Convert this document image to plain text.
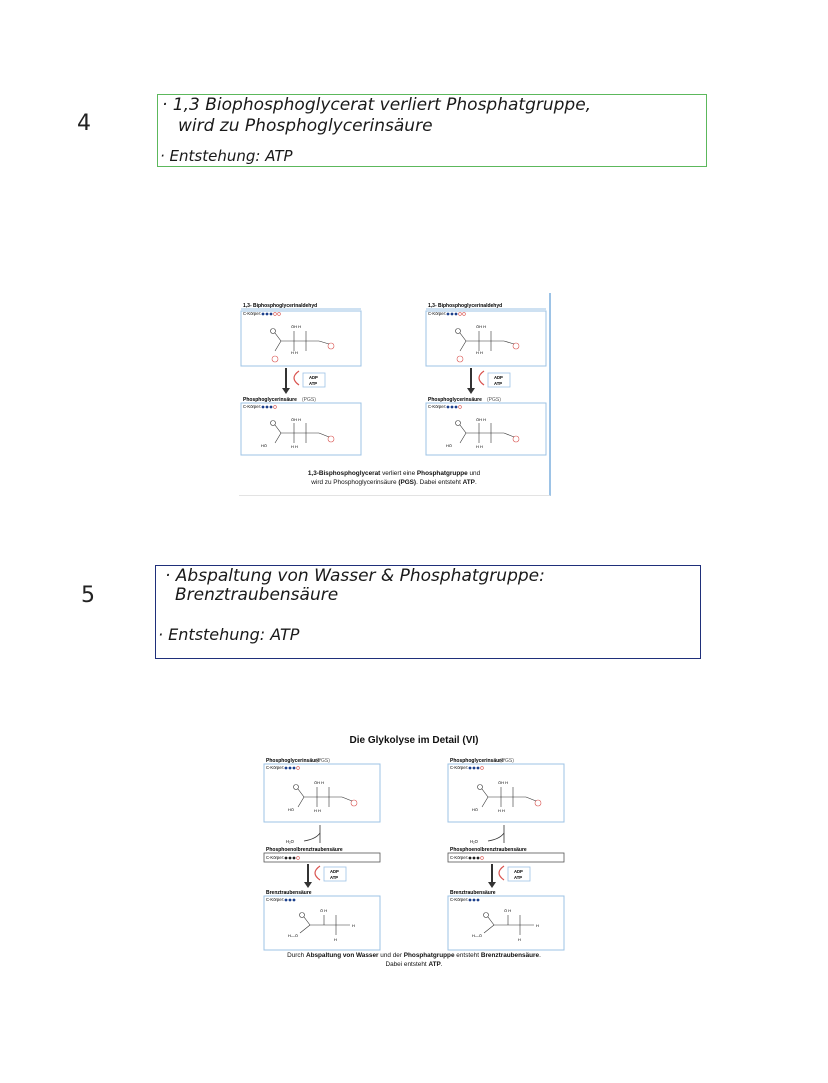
4
· 1,3 Biophosphoglycerat verliert Phosphatgruppe,
wird zu Phosphoglycerinsäure
· Entstehung: ATP
1,3- Biphosphoglycerinaldehyd
C-Körper:
ÖH H
H H
ADP
ATP
Phosphoglycerinsäure (PGS)
C-Körper:
ÖH H
HÖ	H H
1,3- Biphosphoglycerinaldehyd
C-Körper:
ÖH H
H H
ADP
ATP
Phosphoglycerinsäure (PGS)
C-Körper:
ÖH H
HÖ	H H
1,3-Bisphosphoglycerat verliert eine Phosphatgruppe und
wird zu Phosphoglycerinsäure (PGS). Dabei entsteht ATP.
5
· Abspaltung von Wasser & Phosphatgruppe:
Brenztraubensäure
· Entstehung: ATP
Die Glykolyse im Detail (VI)
Phosphoglycerinsäure
(PGS)
C-Körper:
ÖH H
HÖ	H H
H₂O
Phosphoenolbrenztraubensäure
C-Körper:
ADP
ATP
Brenztraubensäure
C-Körper:
Ö H
H—Ö
H
H
Phosphoglycerinsäure
(PGS)
C-Körper:
ÖH H
HÖ	H H
H₂O
Phosphoenolbrenztraubensäure
C-Körper:
ADP
ATP
Brenztraubensäure
C-Körper:
Ö H
H—Ö
H
H
Durch Abspaltung von Wasser und der Phosphatgruppe entsteht Brenztraubensäure.
Dabei entsteht ATP.
